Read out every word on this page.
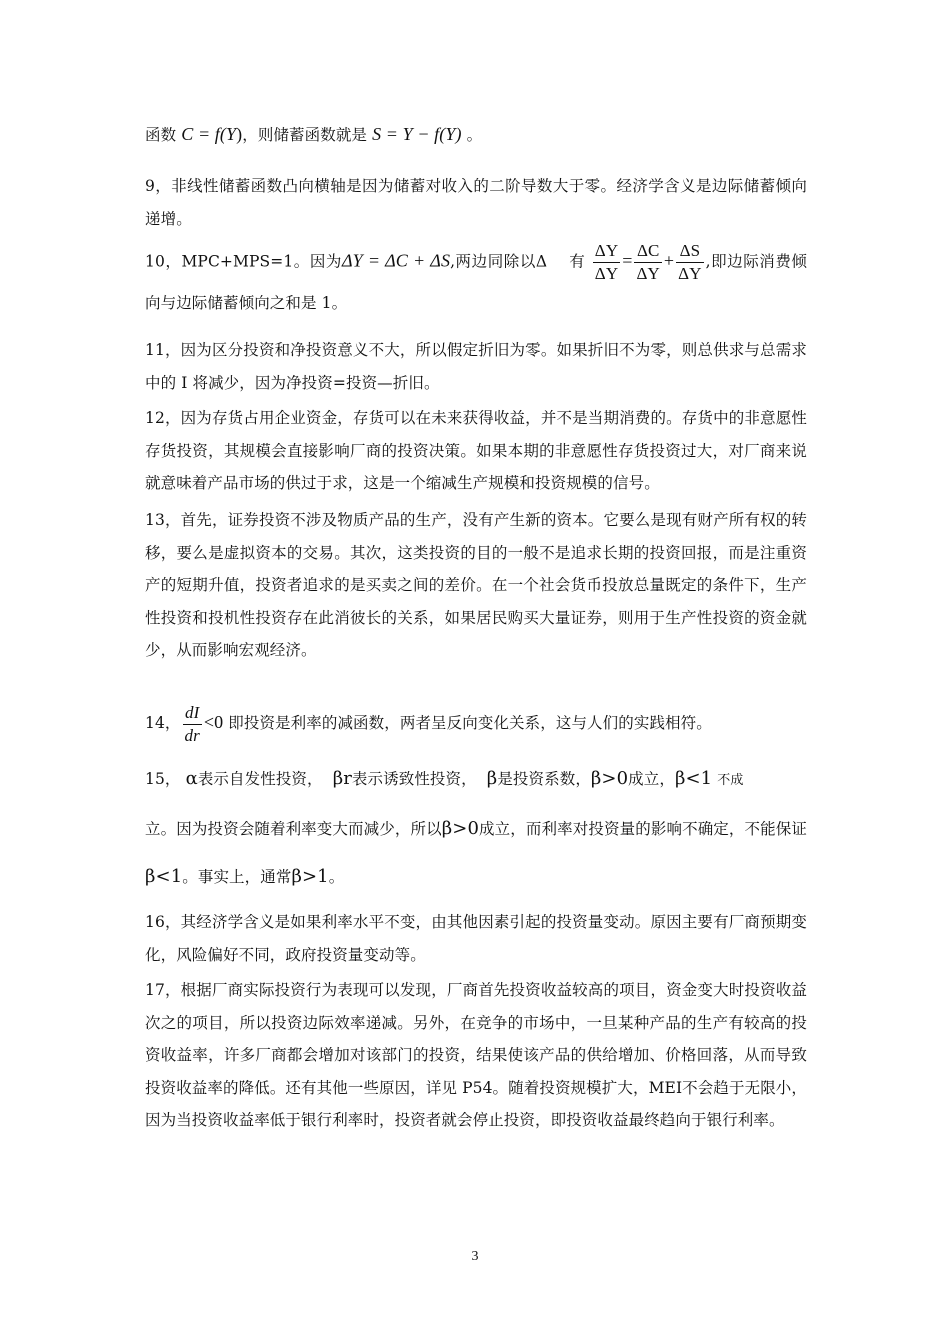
函数 C = f(Y)，则储蓄函数就是 S = Y − f(Y) 。

9，非线性储蓄函数凸向横轴是因为储蓄对收入的二阶导数大于零。经济学含义是边际储蓄倾向递增。

10，MPC+MPS=1。因为ΔY = ΔC + ΔS,两边同除以Δ 有 $\frac{\Delta Y}{\Delta Y} = \frac{\Delta C}{\Delta Y} + \frac{\Delta S}{\Delta Y}$ ,即边际消费倾向与边际储蓄倾向之和是 1。

11，因为区分投资和净投资意义不大，所以假定折旧为零。如果折旧不为零，则总供求与总需求中的 I 将减少，因为净投资=投资—折旧。

12，因为存货占用企业资金，存货可以在未来获得收益，并不是当期消费的。存货中的非意愿性存货投资，其规模会直接影响厂商的投资决策。如果本期的非意愿性存货投资过大，对厂商来说就意味着产品市场的供过于求，这是一个缩减生产规模和投资规模的信号。

13，首先，证券投资不涉及物质产品的生产，没有产生新的资本。它要么是现有财产所有权的转移，要么是虚拟资本的交易。其次，这类投资的目的一般不是追求长期的投资回报，而是注重资产的短期升值，投资者追求的是买卖之间的差价。在一个社会货币投放总量既定的条件下，生产性投资和投机性投资存在此消彼长的关系，如果居民购买大量证券，则用于生产性投资的资金就少，从而影响宏观经济。

14， $\frac{dI}{dr} <0$ 即投资是利率的减函数，两者呈反向变化关系，这与人们的实践相符。

15， α表示自发性投资， βr表示诱致性投资， β是投资系数，β>0成立，β<1 不成
立。因为投资会随着利率变大而减少，所以β>0成立，而利率对投资量的影响不确定，不能保证β<1。事实上，通常β>1。

16，其经济学含义是如果利率水平不变，由其他因素引起的投资量变动。原因主要有厂商预期变化，风险偏好不同，政府投资量变动等。

17，根据厂商实际投资行为表现可以发现，厂商首先投资收益较高的项目，资金变大时投资收益次之的项目，所以投资边际效率递减。另外，在竞争的市场中，一旦某种产品的生产有较高的投资收益率，许多厂商都会增加对该部门的投资，结果使该产品的供给增加、价格回落，从而导致投资收益率的降低。还有其他一些原因，详见 P54。随着投资规模扩大，MEI不会趋于无限小，因为当投资收益率低于银行利率时，投资者就会停止投资，即投资收益最终趋向于银行利率。

3
